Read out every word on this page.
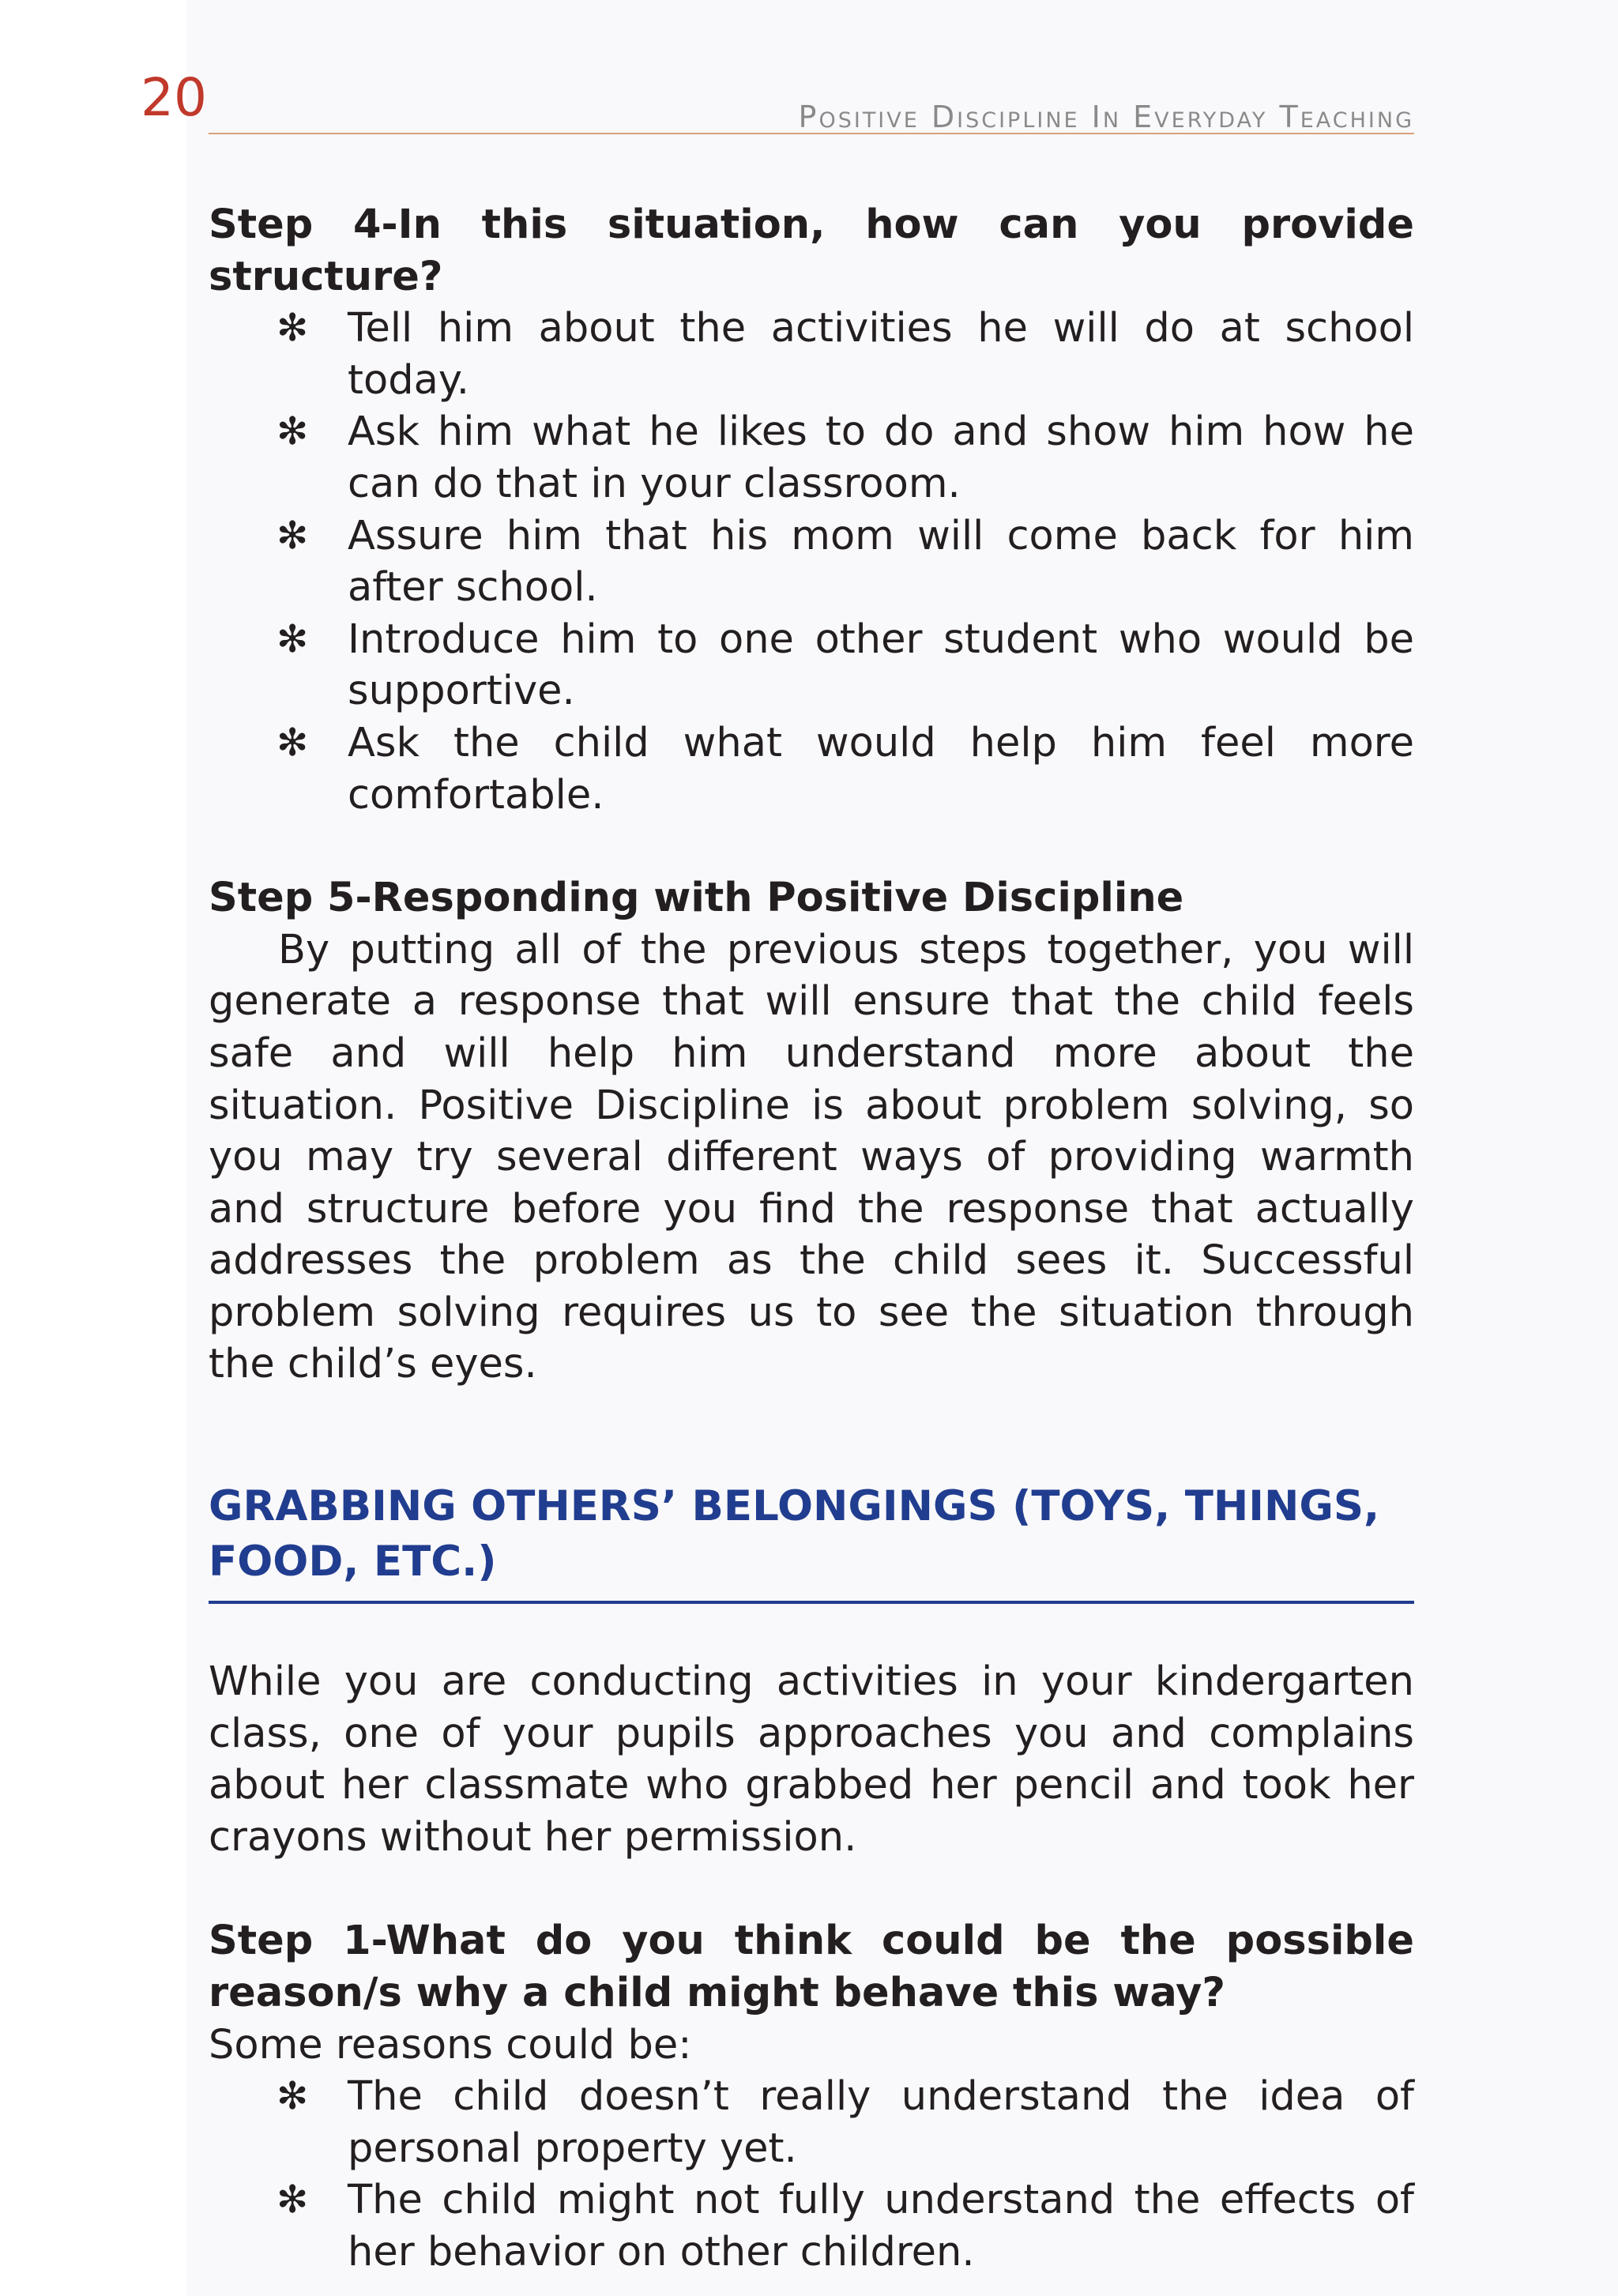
20	Positive Discipline In Everyday Teaching

Step 4-In this situation, how can you provide structure?

✻ Tell him about the activities he will do at school today.
✻ Ask him what he likes to do and show him how he can do that in your classroom.
✻ Assure him that his mom will come back for him after school.
✻ Introduce him to one other student who would be supportive.
✻ Ask the child what would help him feel more comfortable.

Step 5-Responding with Positive Discipline

By putting all of the previous steps together, you will generate a response that will ensure that the child feels safe and will help him understand more about the situation. Positive Discipline is about problem solving, so you may try several different ways of providing warmth and structure before you find the response that actually addresses the problem as the child sees it. Successful problem solving requires us to see the situation through the child’s eyes.

GRABBING OTHERS’ BELONGINGS (TOYS, THINGS, FOOD, ETC.)

While you are conducting activities in your kindergarten class, one of your pupils approaches you and complains about her classmate who grabbed her pencil and took her crayons without her permission.

Step 1-What do you think could be the possible reason/s why a child might behave this way?

Some reasons could be:

✻ The child doesn’t really understand the idea of personal property yet.
✻ The child might not fully understand the effects of her behavior on other children.
